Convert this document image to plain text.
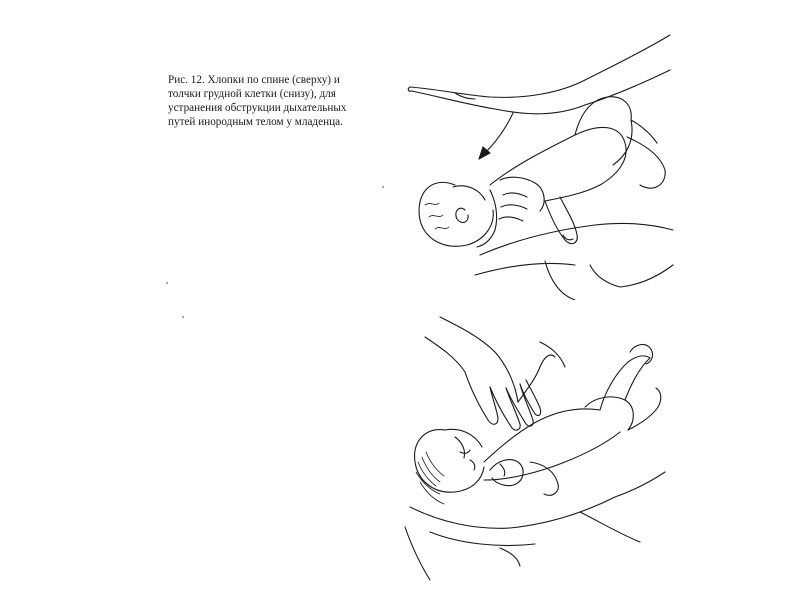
Рис. 12. Хлопки по спине (сверху) и
толчки грудной клетки (снизу), для
устранения обструкции дыхательных
путей инородным телом у младенца.
